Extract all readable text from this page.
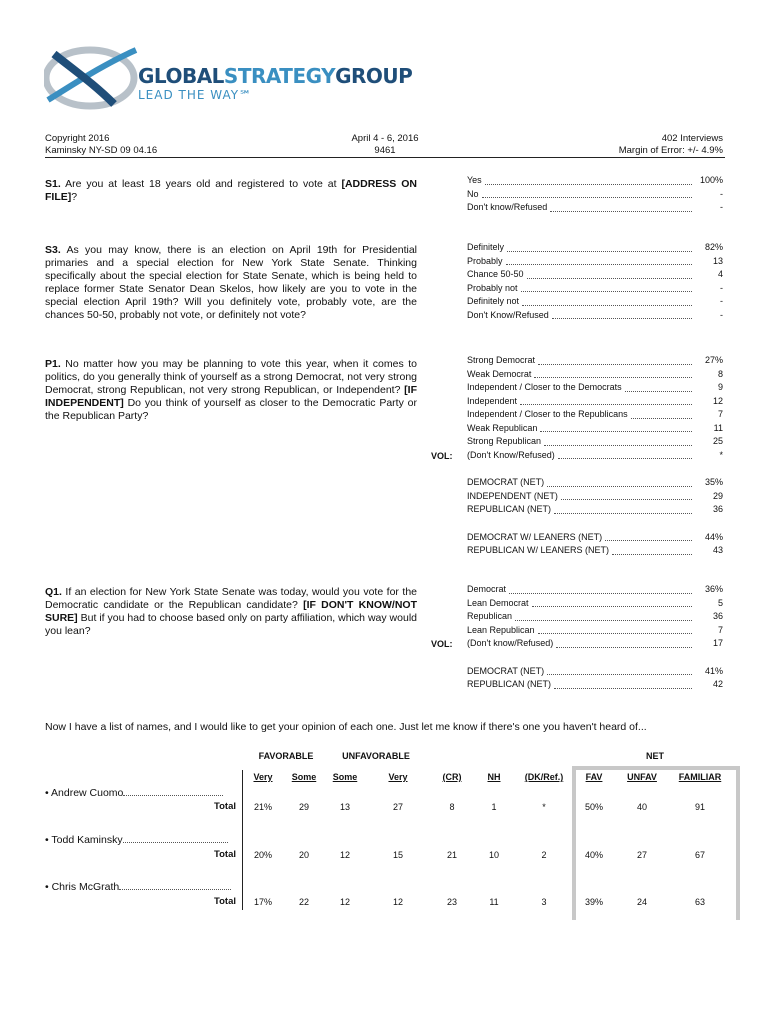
GLOBALSTRATEGYGROUP
LEAD THE WAY℠
Copyright 2016
Kaminsky NY-SD 09 04.16
April 4 - 6, 2016
9461
402 Interviews
Margin of Error: +/- 4.9%
S1. Are you at least 18 years old and registered to vote at [ADDRESS ON FILE]?
Yes	100%
No	-
Don't know/Refused	-
S3. As you may know, there is an election on April 19th for Presidential primaries and a special election for New York State Senate. Thinking specifically about the special election for State Senate, which is being held to replace former State Senator Dean Skelos, how likely are you to vote in the special election April 19th? Will you definitely vote, probably vote, are the chances 50-50, probably not vote, or definitely not vote?
Definitely	82%
Probably	13
Chance 50-50	4
Probably not	-
Definitely not	-
Don't Know/Refused	-
P1. No matter how you may be planning to vote this year, when it comes to politics, do you generally think of yourself as a strong Democrat, not very strong Democrat, strong Republican, not very strong Republican, or Independent? [IF INDEPENDENT] Do you think of yourself as closer to the Democratic Party or the Republican Party?
VOL:
Strong Democrat	27%
Weak Democrat	8
Independent / Closer to the Democrats	9
Independent	12
Independent / Closer to the Republicans	7
Weak Republican	11
Strong Republican	25
(Don't Know/Refused)	*
DEMOCRAT (NET)	35%
INDEPENDENT (NET)	29
REPUBLICAN (NET)	36
DEMOCRAT W/ LEANERS (NET)	44%
REPUBLICAN W/ LEANERS (NET)	43
Q1. If an election for New York State Senate was today, would you vote for the Democratic candidate or the Republican candidate? [IF DON'T KNOW/NOT SURE] But if you had to choose based only on party affiliation, which way would you lean?
VOL:
Democrat	36%
Lean Democrat	5
Republican	36
Lean Republican	7
(Don't know/Refused)	17
DEMOCRAT (NET)	41%
REPUBLICAN (NET)	42
Now I have a list of names, and I would like to get your opinion of each one. Just let me know if there's one you haven't heard of...
FAVORABLE	UNFAVORABLE	NET
Very	Some	Some	Very	(CR)	NH	(DK/Ref.)	FAV	UNFAV	FAMILIAR
• Andrew Cuomo
Total	21%	29	13	27	8	1	*	50%	40	91
• Todd Kaminsky
Total	20%	20	12	15	21	10	2	40%	27	67
• Chris McGrath
Total	17%	22	12	12	23	11	3	39%	24	63
